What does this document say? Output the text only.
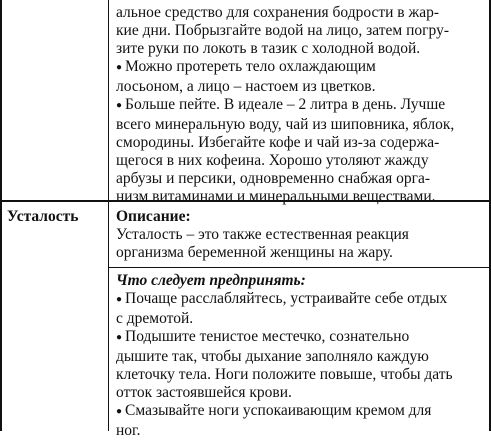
альное средство для сохранения бодрости в жар-
кие дни. Побрызгайте водой на лицо, затем погру-
зите руки по локоть в тазик с холодной водой.
● Можно протереть тело охлаждающим
лосьоном, а лицо – настоем из цветков.
● Больше пейте. В идеале – 2 литра в день. Лучше
всего минеральную воду, чай из шиповника, яблок,
смородины. Избегайте кофе и чай из-за содержа-
щегося в них кофеина. Хорошо утоляют жажду
арбузы и персики, одновременно снабжая орга-
низм витаминами и минеральными веществами.
Усталость	Описание:
Усталость – это также естественная реакция
организма беременной женщины на жару.
Что следует предпринять:
● Почаще расслабляйтесь, устраивайте себе отдых
с дремотой.
● Подышите тенистое местечко, сознательно
дышите так, чтобы дыхание заполняло каждую
клеточку тела. Ноги положите повыше, чтобы дать
отток застоявшейся крови.
● Смазывайте ноги успокаивающим кремом для
ног.
